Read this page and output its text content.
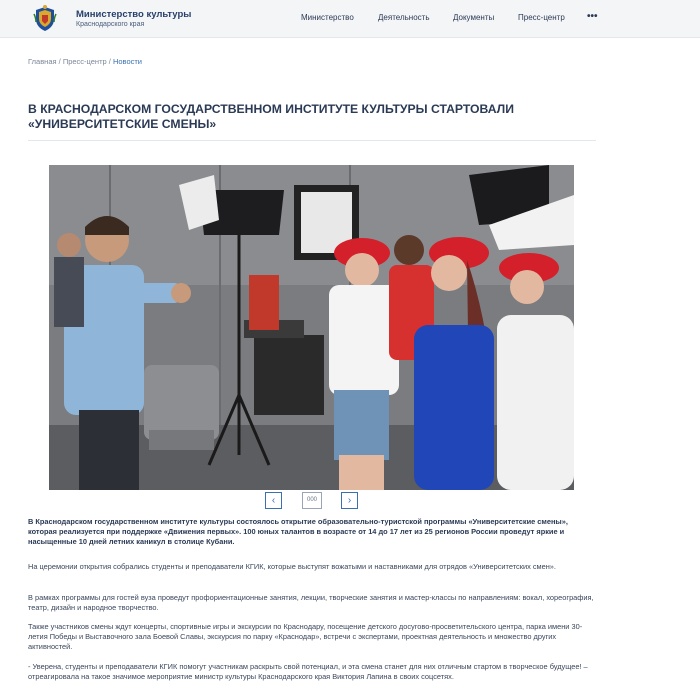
Министерство культуры
Краснодарского края
Министерство	Деятельность	Документы	Пресс-центр •••
Главная / Пресс-центр / Новости
В КРАСНОДАРСКОМ ГОСУДАРСТВЕННОМ ИНСТИТУТЕ КУЛЬТУРЫ СТАРТОВАЛИ «УНИВЕРСИТЕТСКИЕ СМЕНЫ»
‹	000	›
В Краснодарском государственном институте культуры состоялось открытие образовательно-туристской программы «Университетские смены», которая реализуется при поддержке «Движения первых». 100 юных талантов в возрасте от 14 до 17 лет из 25 регионов России проведут яркие и насыщенные 10 дней летних каникул в столице Кубани.
На церемонии открытия собрались студенты и преподаватели КГИК, которые выступят вожатыми и наставниками для отрядов «Университетских смен».
В рамках программы для гостей вуза проведут профориентационные занятия, лекции, творческие занятия и мастер-классы по направлениям: вокал, хореография, театр, дизайн и народное творчество.
Также участников смены ждут концерты, спортивные игры и экскурсии по Краснодару, посещение детского досугово-просветительского центра, парка имени 30-летия Победы и Выставочного зала Боевой Славы, экскурсия по парку «Краснодар», встречи с экспертами, проектная деятельность и множество других активностей.
- Уверена, студенты и преподаватели КГИК помогут участникам раскрыть свой потенциал, и эта смена станет для них отличным стартом в творческое будущее! – отреагировала на такое значимое мероприятие министр культуры Краснодарского края Виктория Лапина в своих соцсетях.
